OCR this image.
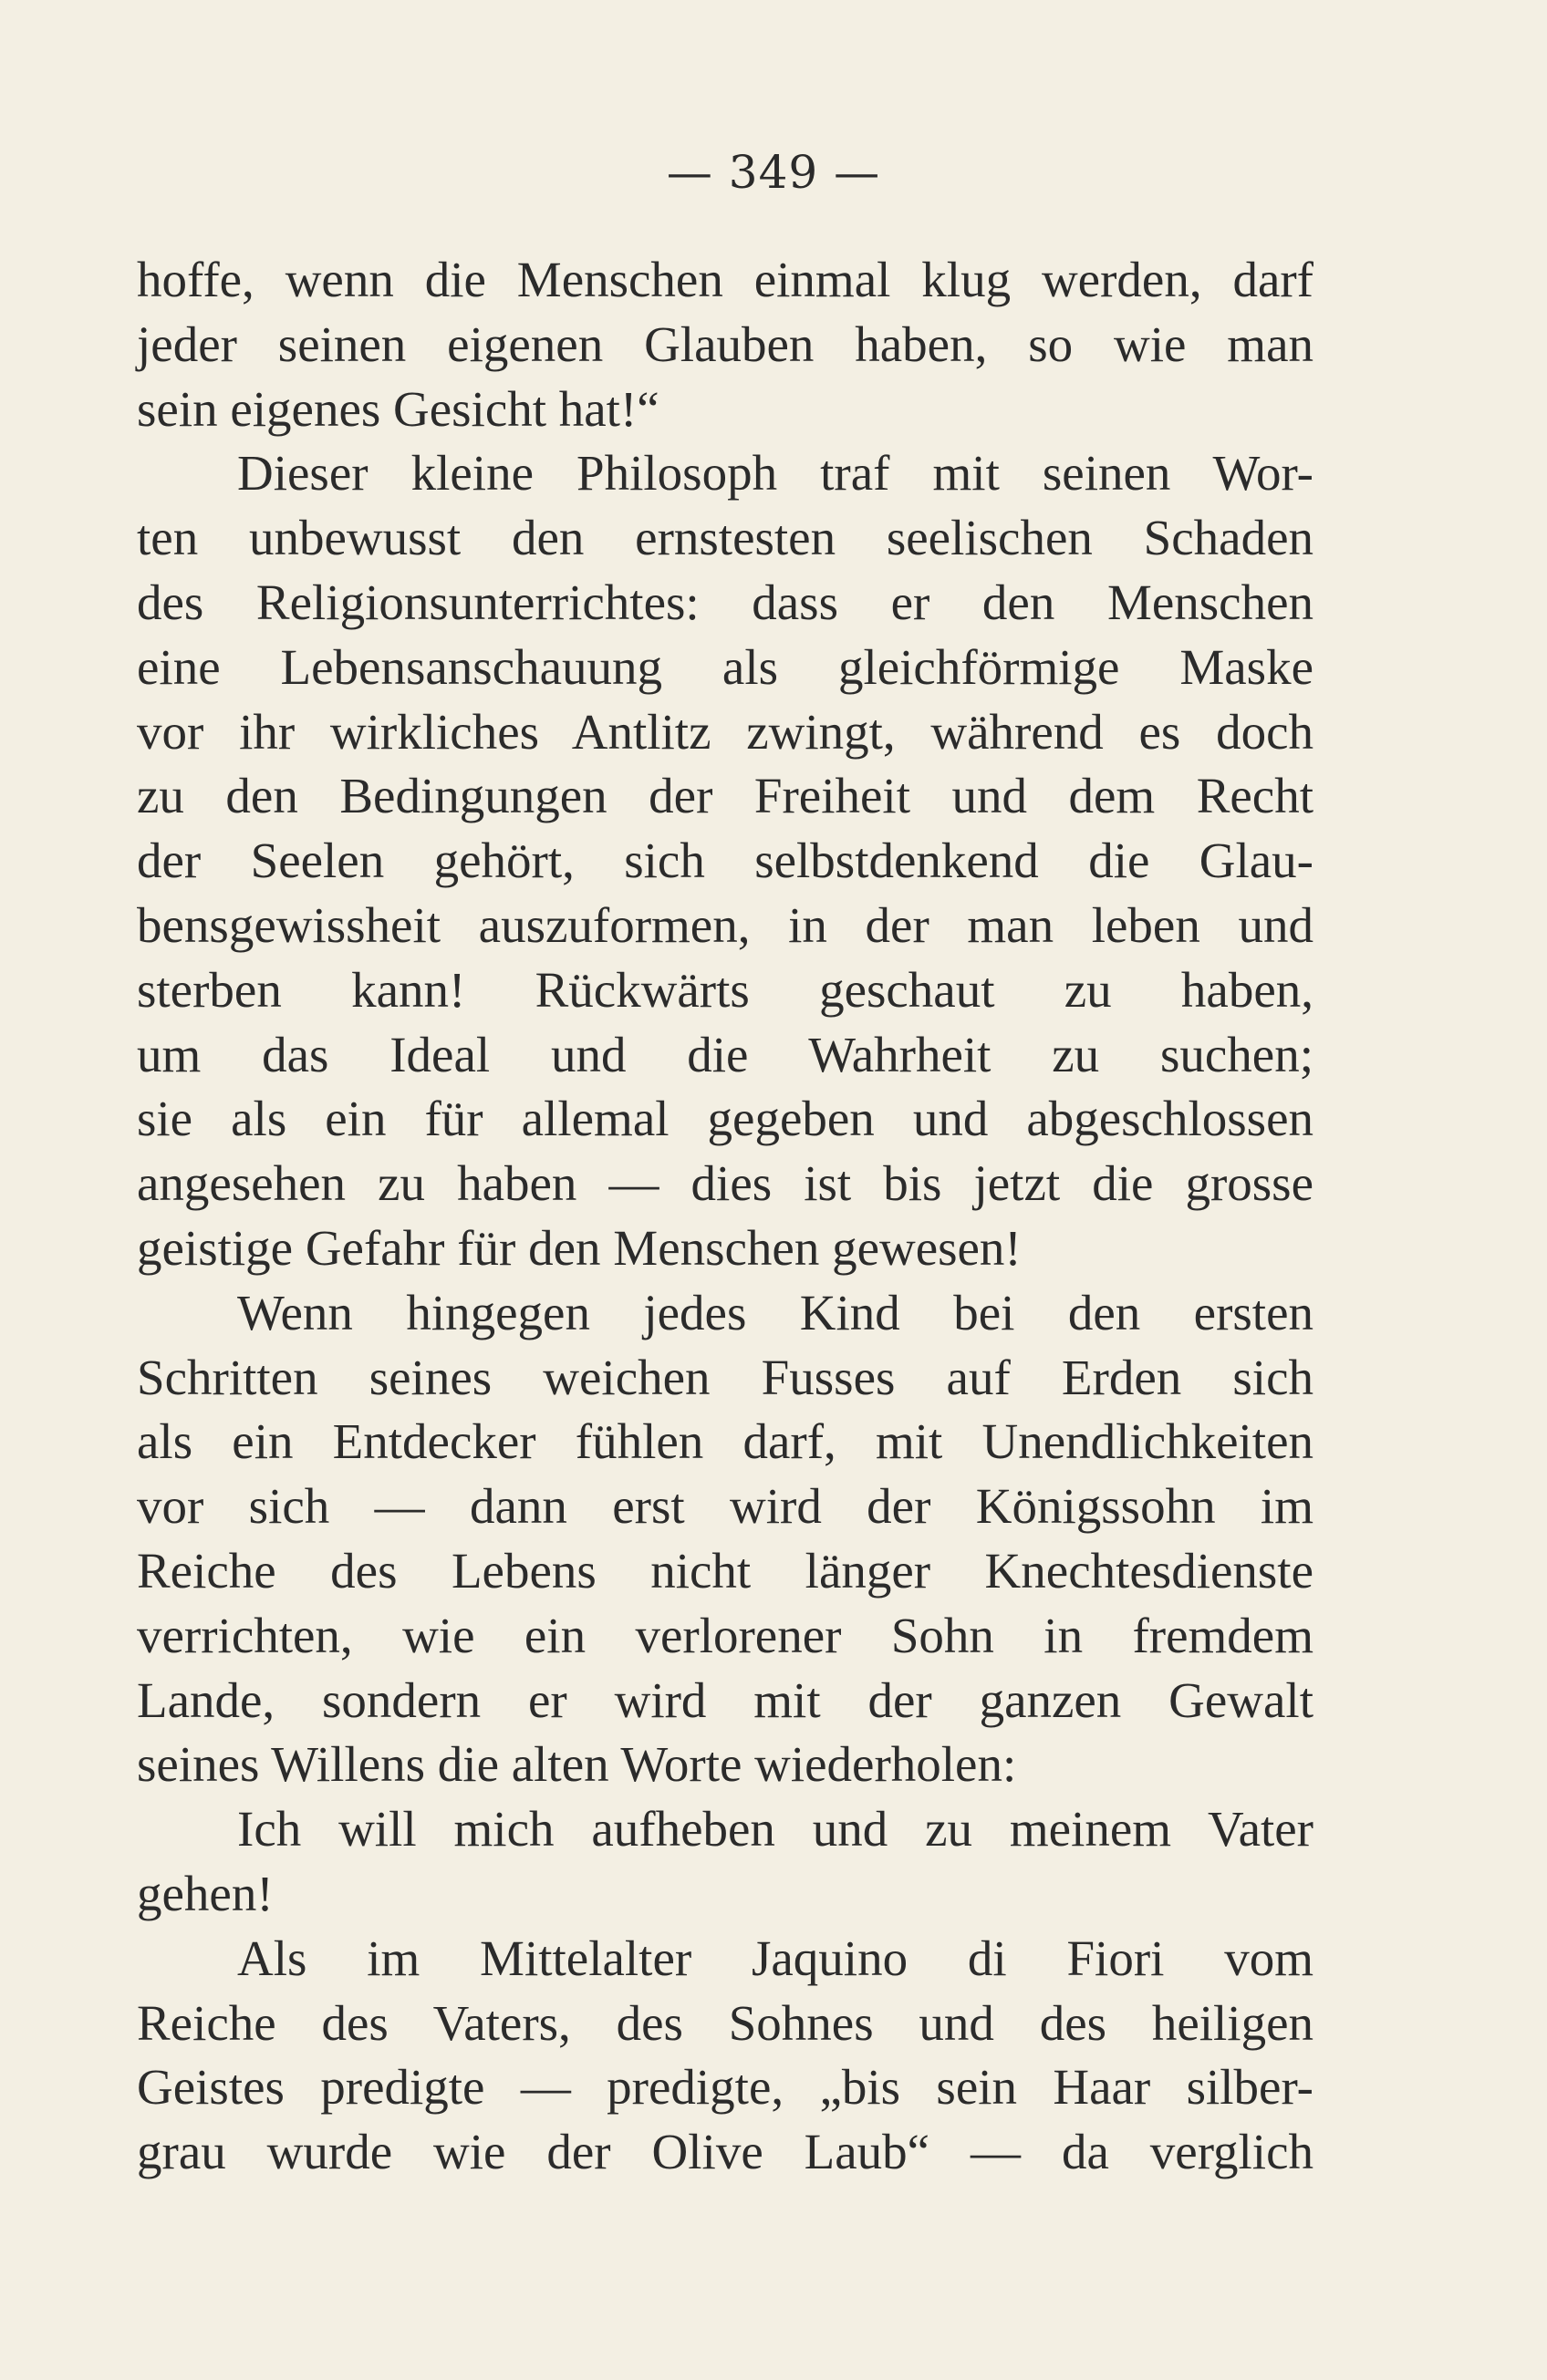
— 349 —
hoffe, wenn die Menschen einmal klug werden, darf
jeder seinen eigenen Glauben haben, so wie man
sein eigenes Gesicht hat!“
Dieser kleine Philosoph traf mit seinen Wor-
ten unbewusst den ernstesten seelischen Schaden
des Religionsunterrichtes: dass er den Menschen
eine Lebensanschauung als gleichförmige Maske
vor ihr wirkliches Antlitz zwingt, während es doch
zu den Bedingungen der Freiheit und dem Recht
der Seelen gehört, sich selbstdenkend die Glau-
bensgewissheit auszuformen, in der man leben und
sterben kann! Rückwärts geschaut zu haben,
um das Ideal und die Wahrheit zu suchen;
sie als ein für allemal gegeben und abgeschlossen
angesehen zu haben — dies ist bis jetzt die grosse
geistige Gefahr für den Menschen gewesen!
Wenn hingegen jedes Kind bei den ersten
Schritten seines weichen Fusses auf Erden sich
als ein Entdecker fühlen darf, mit Unendlichkeiten
vor sich — dann erst wird der Königssohn im
Reiche des Lebens nicht länger Knechtesdienste
verrichten, wie ein verlorener Sohn in fremdem
Lande, sondern er wird mit der ganzen Gewalt
seines Willens die alten Worte wiederholen:
Ich will mich aufheben und zu meinem Vater
gehen!
Als im Mittelalter Jaquino di Fiori vom
Reiche des Vaters, des Sohnes und des heiligen
Geistes predigte — predigte, „bis sein Haar silber-
grau wurde wie der Olive Laub“ — da verglich
